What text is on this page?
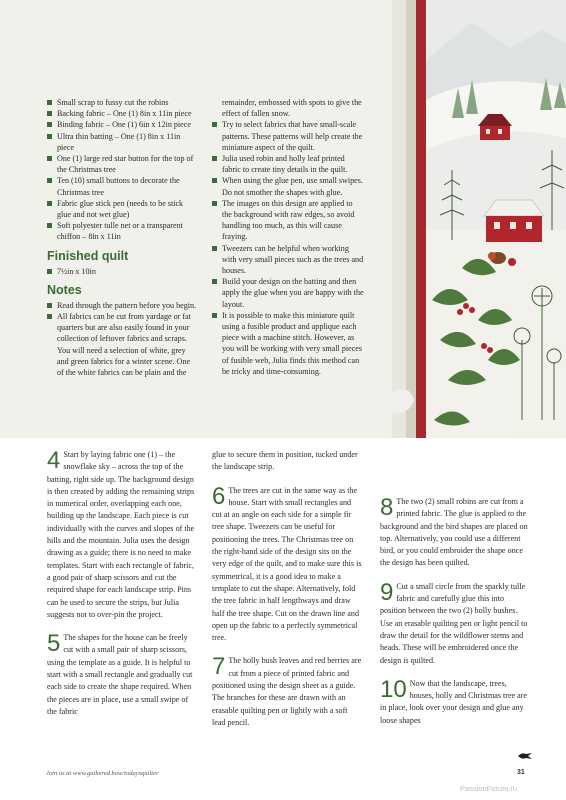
Small scrap to fussy cut the robins

Backing fabric – One (1) 8in x 11in piece

Binding fabric – One (1) 6in x 12in piece

Ultra thin batting – One (1) 8in x 11in piece

One (1) large red star button for the top of the Christmas tree

Ten (10) small buttons to decorate the Christmas tree

Fabric glue stick pen (needs to be stick glue and not wet glue)

Soft polyester tulle net or a transparent chiffon – 8in x 11in

Finished quilt

7½in x 10in

Notes

Read through the pattern before you begin.

All fabrics can be cut from yardage or fat quarters but are also easily found in your collection of leftover fabrics and scraps. You will need a selection of white, grey and green fabrics for a winter scene. One of the white fabrics can be plain and the

remainder, embossed with spots to give the effect of fallen snow.

Try to select fabrics that have small-scale patterns. These patterns will help create the miniature aspect of the quilt.

Julia used robin and holly leaf printed fabric to create tiny details in the quilt.

When using the glue pen, use small swipes. Do not smother the shapes with glue.

The images on this design are applied to the background with raw edges, so avoid handling too much, as this will cause fraying.

Tweezers can be helpful when working with very small pieces such as the trees and houses.

Build your design on the batting and then apply the glue when you are happy with the layout.

It is possible to make this miniature quilt using a fusible product and applique each piece with a machine stitch. However, as you will be working with very small pieces of fusible web, Julia finds this method can be tricky and time-consuming.

4 Start by laying fabric one (1) – the snowflake sky – across the top of the batting, right side up. The background design is then created by adding the remaining strips in numerical order, overlapping each one, building up the landscape. Each piece is cut individually with the curves and slopes of the hills and the mountain. Julia uses the design drawing as a guide; there is no need to make templates. Start with each rectangle of fabric, a good pair of sharp scissors and cut the required shape for each landscape strip. Pins can be used to secure the strips, but Julia suggests not to over-pin the project.

5 The shapes for the house can be freely cut with a small pair of sharp scissors, using the template as a guide. It is helpful to start with a small rectangle and gradually cut each side to create the shape required. When the pieces are in place, use a small swipe of the fabric

glue to secure them in position, tucked under the landscape strip.

6 The trees are cut in the same way as the house. Start with small rectangles and cut at an angle on each side for a simple fir tree shape. Tweezers can be useful for positioning the trees. The Christmas tree on the right-hand side of the design sits on the very edge of the quilt, and to make sure this is symmetrical, it is a good idea to make a template to cut the shape. Alternatively, fold the tree fabric in half lengthways and draw half the tree shape. Cut on the drawn line and open up the fabric to a perfectly symmetrical tree.

7 The holly bush leaves and red berries are cut from a piece of printed fabric and positioned using the design sheet as a guide. The branches for these are drawn with an erasable quilting pen or lightly with a soft lead pencil.

8 The two (2) small robins are cut from a printed fabric. The glue is applied to the background and the bird shapes are placed on top. Alternatively, you could use a different bird, or you could embroider the shape once the design has been quilted.

9 Cut a small circle from the sparkly tulle fabric and carefully glue this into position between the two (2) holly bushes. Use an erasable quilting pen or light pencil to draw the detail for the wildflower stems and heads. These will be embroidered once the design is quilted.

10 Now that the landscape, trees, houses, holly and Christmas tree are in place, look over your design and glue any loose shapes

Join us at www.gathered.how/todaysquilter	31
PassionForum.ru
